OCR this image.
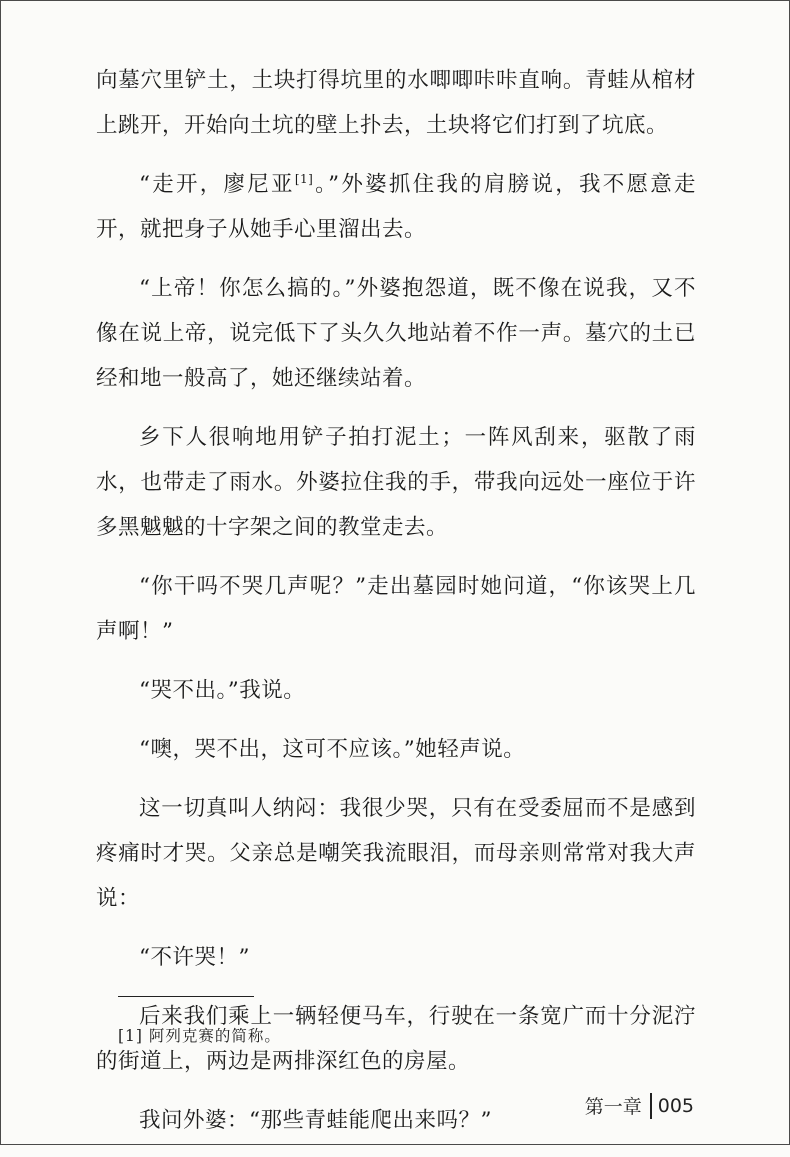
向墓穴里铲土，土块打得坑里的水唧唧咔咔直响。青蛙从棺材上跳开，开始向土坑的壁上扑去，土块将它们打到了坑底。

“走开，廖尼亚[1]。”外婆抓住我的肩膀说，我不愿意走开，就把身子从她手心里溜出去。

“上帝！你怎么搞的。”外婆抱怨道，既不像在说我，又不像在说上帝，说完低下了头久久地站着不作一声。墓穴的土已经和地一般高了，她还继续站着。

乡下人很响地用铲子拍打泥土；一阵风刮来，驱散了雨水，也带走了雨水。外婆拉住我的手，带我向远处一座位于许多黑魆魆的十字架之间的教堂走去。

“你干吗不哭几声呢？”走出墓园时她问道，“你该哭上几声啊！”

“哭不出。”我说。

“噢，哭不出，这可不应该。”她轻声说。

这一切真叫人纳闷：我很少哭，只有在受委屈而不是感到疼痛时才哭。父亲总是嘲笑我流眼泪，而母亲则常常对我大声说：

“不许哭！”

后来我们乘上一辆轻便马车，行驶在一条宽广而十分泥泞的街道上，两边是两排深红色的房屋。

我问外婆：“那些青蛙能爬出来吗？”

[1] 阿列克赛的简称。
第一章 005
